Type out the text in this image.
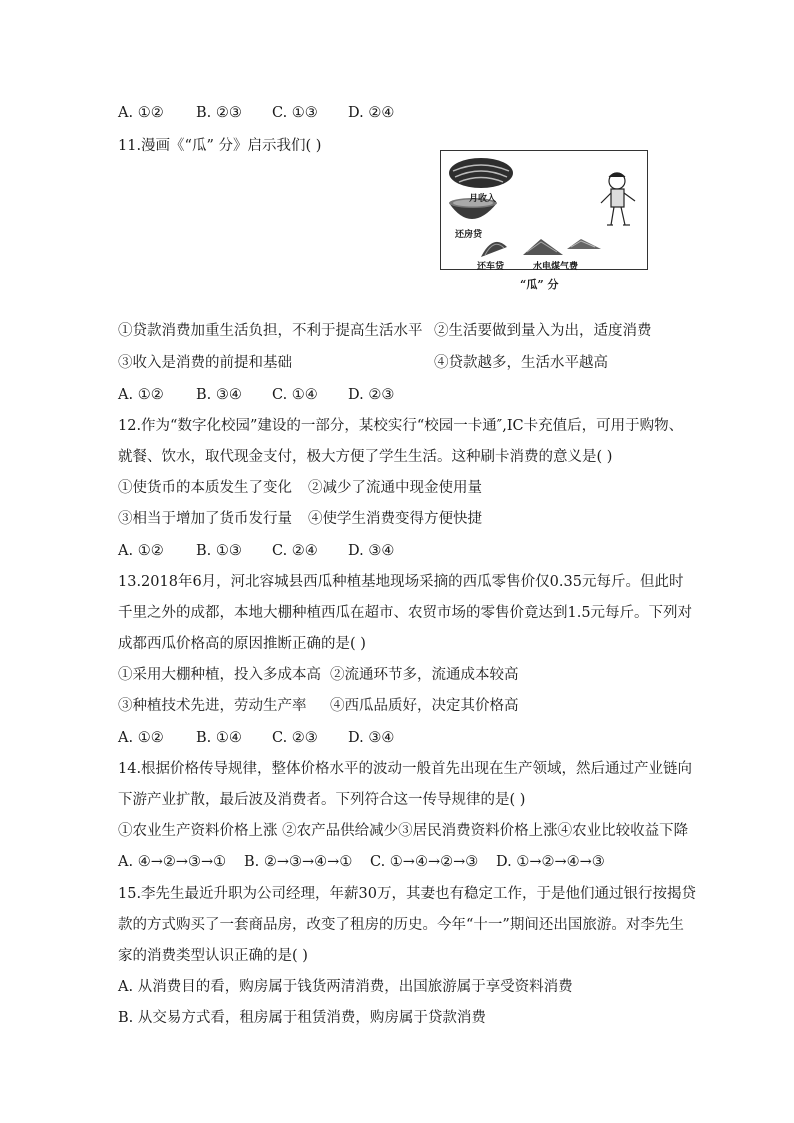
A. ①② B. ②③ C. ①③ D. ②④
11.漫画《“瓜” 分》启示我们( )
月收入
还房贷
还车贷	水电煤气费
“瓜” 分
①贷款消费加重生活负担，不利于提高生活水平 ②生活要做到量入为出，适度消费
③收入是消费的前提和基础	④贷款越多，生活水平越高
A. ①② B. ③④ C. ①④ D. ②③
12.作为“数字化校园”建设的一部分，某校实行“校园一卡通″,IC卡充值后，可用于购物、
就餐、饮水，取代现金支付，极大方便了学生生活。这种刷卡消费的意义是( )
①使货币的本质发生了变化 ②减少了流通中现金使用量
③相当于增加了货币发行量 ④使学生消费变得方便快捷
A. ①② B. ①③ C. ②④ D. ③④
13.2018年6月，河北容城县西瓜种植基地现场采摘的西瓜零售价仅0.35元每斤。但此时
千里之外的成都，本地大棚种植西瓜在超市、农贸市场的零售价竟达到1.5元每斤。下列对
成都西瓜价格高的原因推断正确的是( )
①采用大棚种植，投入多成本高 ②流通环节多，流通成本较高
③种植技术先进，劳动生产率 ④西瓜品质好，决定其价格高
A. ①② B. ①④ C. ②③ D. ③④
14.根据价格传导规律，整体价格水平的波动一般首先出现在生产领域，然后通过产业链向
下游产业扩散，最后波及消费者。下列符合这一传导规律的是( )
①农业生产资料价格上涨 ②农产品供给减少③居民消费资料价格上涨④农业比较收益下降
A. ④→②→③→① B. ②→③→④→① C. ①→④→②→③ D. ①→②→④→③
15.李先生最近升职为公司经理，年薪30万，其妻也有稳定工作，于是他们通过银行按揭贷
款的方式购买了一套商品房，改变了租房的历史。今年“十一”期间还出国旅游。对李先生
家的消费类型认识正确的是( )
A. 从消费目的看，购房属于钱货两清消费，出国旅游属于享受资料消费
B. 从交易方式看，租房属于租赁消费，购房属于贷款消费
